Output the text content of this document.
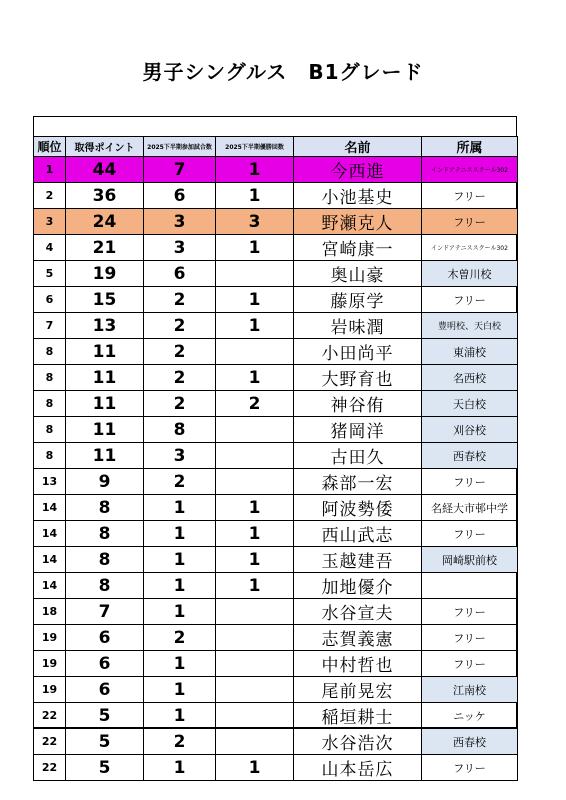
男子シングルス　B1グレード
順位	取得ポイント	2025下半期参加試合数	2025下半期優勝回数	名前	所属
1	44	7	1	今西進	インドアテニススクール302
2	36	6	1	小池基史	フリー
3	24	3	3	野瀬克人	フリー
4	21	3	1	宮崎康一	インドアテニススクール302
5	19	6		奥山豪	木曽川校
6	15	2	1	藤原学	フリー
7	13	2	1	岩味潤	豊明校、天白校
8	11	2		小田尚平	東浦校
8	11	2	1	大野育也	名西校
8	11	2	2	神谷侑	天白校
8	11	8		猪岡洋	刈谷校
8	11	3		古田久	西春校
13	9	2		森部一宏	フリー
14	8	1	1	阿波勢倭	名経大市邨中学
14	8	1	1	西山武志	フリー
14	8	1	1	玉越建吾	岡崎駅前校
14	8	1	1	加地優介	
18	7	1		水谷宣夫	フリー
19	6	2		志賀義憲	フリー
19	6	1		中村哲也	フリー
19	6	1		尾前晃宏	江南校
22	5	1		稲垣耕士	ニッケ
22	5	2		水谷浩次	西春校
22	5	1	1	山本岳広	フリー
